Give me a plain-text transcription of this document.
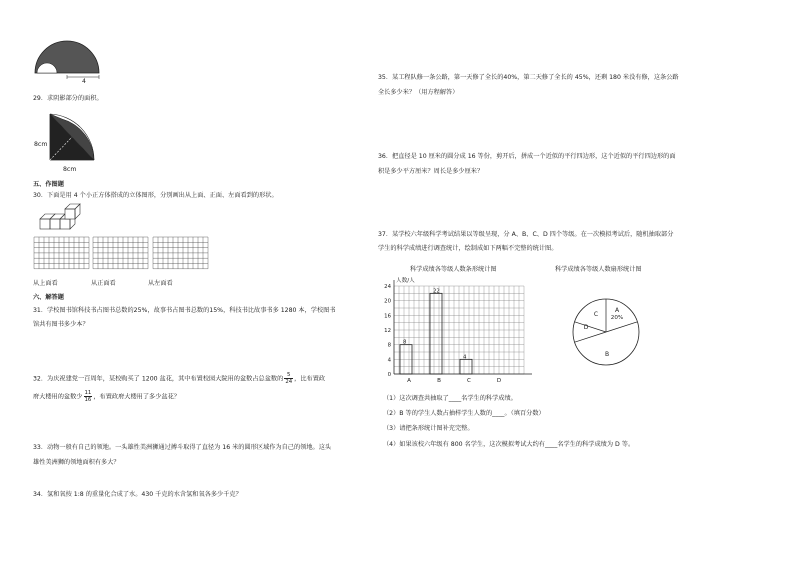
4
29．求阴影部分的面积。
8cm
8cm
五、作图题
30．下面是用 4 个小正方体搭成的立体图形，分别画出从上面、正面、左面看到的形状。
从上面看	从正面看	从左面看
六、解答题
31．学校图书馆科技书占图书总数的25%，故事书占图书总数的15%，科技书比故事书多 1280 本，学校图书
馆共有图书多少本？
32．为庆祝建党一百周年，某校购买了 1200 盆花，其中布置校园大院用的盆数占总盆数的 $\frac{5}{24}$ ，比布置政
府大楼用的盆数少 $\frac{11}{16}$ ，布置政府大楼用了多少盆花？
33．动物一般有自己的领地。一头雄性美洲狮通过搏斗取得了直径为 16 米的圆形区域作为自己的领地。这头
雄性美洲狮的领地面积有多大？
34．氢和氧按 1:8 的重量化合成了水。430 千克的水含氢和氧各多少千克？
35．某工程队修一条公路，第一天修了全长的40%，第二天修了全长的 45%，还剩 180 米没有修，这条公路
全长多少米？（用方程解答）
36．把直径是 10 厘米的圆分成 16 等份，剪开后，拼成一个近似的平行四边形，这个近似的平行四边形的面
积是多少平方厘米？周长是多少厘米？
37．某学校六年级科学考试结果以等级呈现，分 A、B、C、D 四个等级。在一次模拟考试后，随机抽取部分
学生的科学成绩进行调查统计，绘制成如下两幅不完整的统计图。
科学成绩各等级人数条形统计图
人数/人
0
4
8
12
16
20
24
A
8
B
22
C
4
D
科学成绩各等级人数扇形统计图
A
20%
B
C
D
（1）这次调查共抽取了____名学生的科学成绩。
（2）B 等的学生人数占抽样学生人数的____。（填百分数）
（3）请把条形统计图补充完整。
（4）如果该校六年级有 800 名学生，这次模拟考试大约有____名学生的科学成绩为 D 等。
